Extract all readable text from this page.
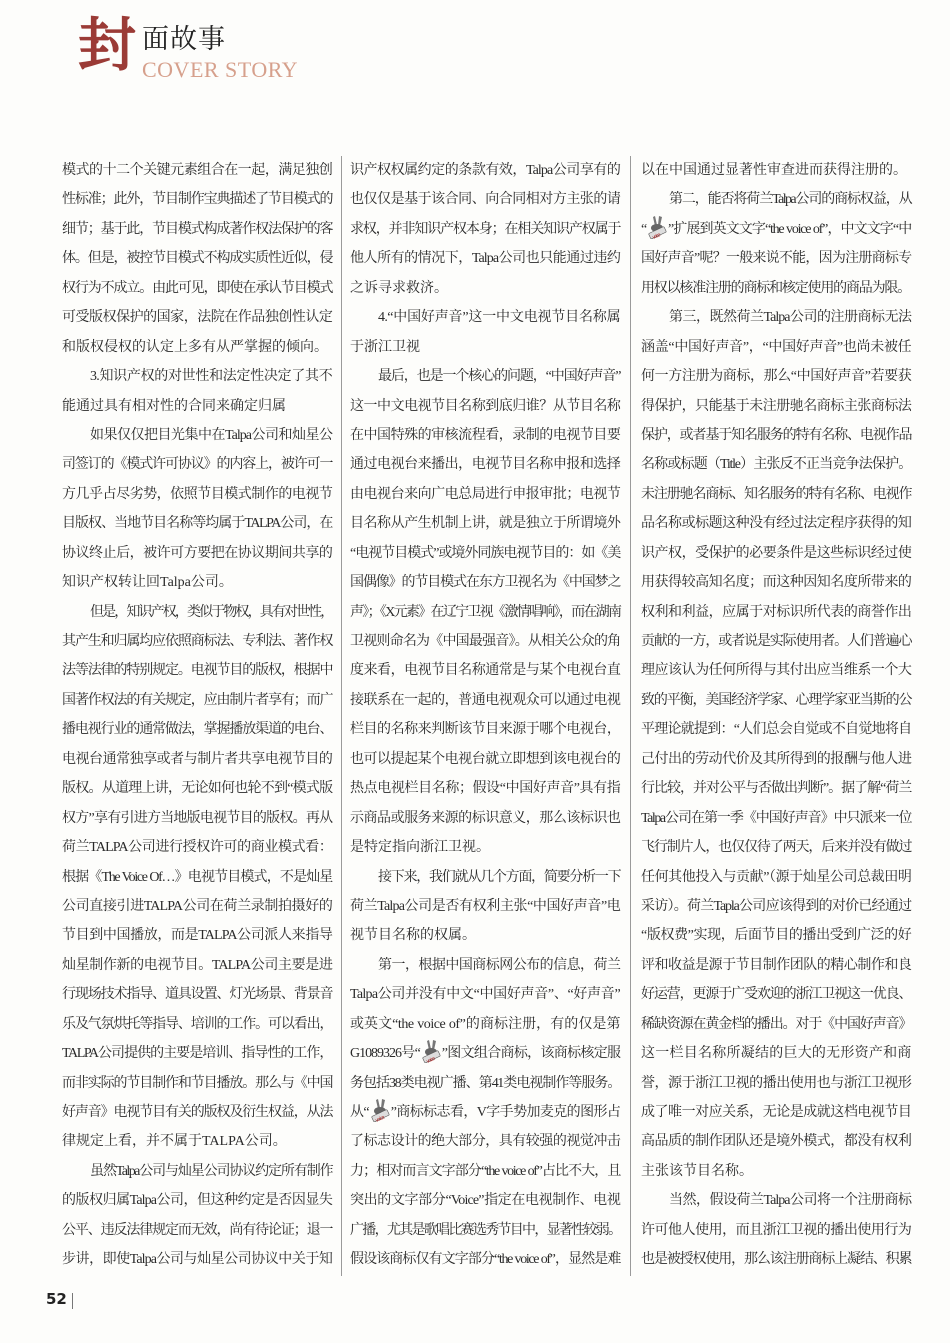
封 面故事
COVER STORY
模式的十二个关键元素组合在一起，满足独创
性标准；此外，节目制作宝典描述了节目模式的
细节；基于此，节目模式构成著作权法保护的客
体。但是，被控节目模式不构成实质性近似，侵
权行为不成立。由此可见，即使在承认节目模式
可受版权保护的国家，法院在作品独创性认定
和版权侵权的认定上多有从严掌握的倾向。
3.知识产权的对世性和法定性决定了其不
能通过具有相对性的合同来确定归属
如果仅仅把目光集中在Talpa公司和灿星公
司签订的《模式许可协议》的内容上，被许可一
方几乎占尽劣势，依照节目模式制作的电视节
目版权、当地节目名称等均属于TALPA公司，在
协议终止后，被许可方要把在协议期间共享的
知识产权转让回Talpa公司。
但是，知识产权，类似于物权，具有对世性，
其产生和归属均应依照商标法、专利法、著作权
法等法律的特别规定。电视节目的版权，根据中
国著作权法的有关规定，应由制片者享有；而广
播电视行业的通常做法，掌握播放渠道的电台、
电视台通常独享或者与制片者共享电视节目的
版权。从道理上讲，无论如何也轮不到“模式版
权方”享有引进方当地版电视节目的版权。再从
荷兰TALPA公司进行授权许可的商业模式看：
根据《The Voice Of…》电视节目模式，不是灿星
公司直接引进TALPA公司在荷兰录制拍摄好的
节目到中国播放，而是TALPA公司派人来指导
灿星制作新的电视节目。TALPA公司主要是进
行现场技术指导、道具设置、灯光场景、背景音
乐及气氛烘托等指导、培训的工作。可以看出，
TALPA公司提供的主要是培训、指导性的工作，
而非实际的节目制作和节目播放。那么与《中国
好声音》电视节目有关的版权及衍生权益，从法
律规定上看，并不属于TALPA公司。
虽然Talpa公司与灿星公司协议约定所有制作
的版权归属Talpa公司，但这种约定是否因显失
公平、违反法律规定而无效，尚有待论证；退一
步讲，即使Talpa公司与灿星公司协议中关于知
识产权权属约定的条款有效，Talpa公司享有的
也仅仅是基于该合同、向合同相对方主张的请
求权，并非知识产权本身；在相关知识产权属于
他人所有的情况下，Talpa公司也只能通过违约
之诉寻求救济。
4.“中国好声音”这一中文电视节目名称属
于浙江卫视
最后，也是一个核心的问题，“中国好声音”
这一中文电视节目名称到底归谁？从节目名称
在中国特殊的审核流程看，录制的电视节目要
通过电视台来播出，电视节目名称申报和选择
由电视台来向广电总局进行申报审批；电视节
目名称从产生机制上讲，就是独立于所谓境外
“电视节目模式”或境外同族电视节目的：如《美
国偶像》的节目模式在东方卫视名为《中国梦之
声》；《X元素》在辽宁卫视《激情唱响》，而在湖南
卫视则命名为《中国最强音》。从相关公众的角
度来看，电视节目名称通常是与某个电视台直
接联系在一起的，普通电视观众可以通过电视
栏目的名称来判断该节目来源于哪个电视台，
也可以提起某个电视台就立即想到该电视台的
热点电视栏目名称；假设“中国好声音”具有指
示商品或服务来源的标识意义，那么该标识也
是特定指向浙江卫视。
接下来，我们就从几个方面，简要分析一下
荷兰Talpa公司是否有权利主张“中国好声音”电
视节目名称的权属。
第一，根据中国商标网公布的信息，荷兰
Talpa公司并没有中文“中国好声音”、“好声音”
或英文“the voice of”的商标注册，有的仅是第
G1089326号“ voice ”图文组合商标，该商标核定服
务包括38类电视广播、第41类电视制作等服务。
从“ voice ”商标标志看，V字手势加麦克的图形占
了标志设计的绝大部分，具有较强的视觉冲击
力；相对而言文字部分“the voice of”占比不大，且
突出的文字部分“Voice”指定在电视制作、电视
广播，尤其是歌唱比赛选秀节目中，显著性较弱。
假设该商标仅有文字部分“the voice of”，显然是难
以在中国通过显著性审查进而获得注册的。
第二，能否将荷兰Talpa公司的商标权益，从
“ voice ”扩展到英文文字“the voice of”，中文文字“中
国好声音”呢？一般来说不能，因为注册商标专
用权以核准注册的商标和核定使用的商品为限。
第三，既然荷兰Talpa公司的注册商标无法
涵盖“中国好声音”，“中国好声音”也尚未被任
何一方注册为商标，那么“中国好声音”若要获
得保护，只能基于未注册驰名商标主张商标法
保护，或者基于知名服务的特有名称、电视作品
名称或标题（Title）主张反不正当竞争法保护。
未注册驰名商标、知名服务的特有名称、电视作
品名称或标题这种没有经过法定程序获得的知
识产权，受保护的必要条件是这些标识经过使
用获得较高知名度；而这种因知名度所带来的
权利和利益，应属于对标识所代表的商誉作出
贡献的一方，或者说是实际使用者。人们普遍心
理应该认为任何所得与其付出应当维系一个大
致的平衡，美国经济学家、心理学家亚当斯的公
平理论就提到：“人们总会自觉或不自觉地将自
己付出的劳动代价及其所得到的报酬与他人进
行比较，并对公平与否做出判断”。据了解“荷兰
Talpa公司在第一季《中国好声音》中只派来一位
飞行制片人，也仅仅待了两天，后来并没有做过
任何其他投入与贡献”（源于灿星公司总裁田明
采访）。荷兰Tapla公司应该得到的对价已经通过
“版权费”实现，后面节目的播出受到广泛的好
评和收益是源于节目制作团队的精心制作和良
好运营，更源于广受欢迎的浙江卫视这一优良、
稀缺资源在黄金档的播出。对于《中国好声音》
这一栏目名称所凝结的巨大的无形资产和商
誉，源于浙江卫视的播出使用也与浙江卫视形
成了唯一对应关系，无论是成就这档电视节目
高品质的制作团队还是境外模式，都没有权利
主张该节目名称。
当然，假设荷兰Talpa公司将一个注册商标
许可他人使用，而且浙江卫视的播出使用行为
也是被授权使用，那么该注册商标上凝结、积累
52
